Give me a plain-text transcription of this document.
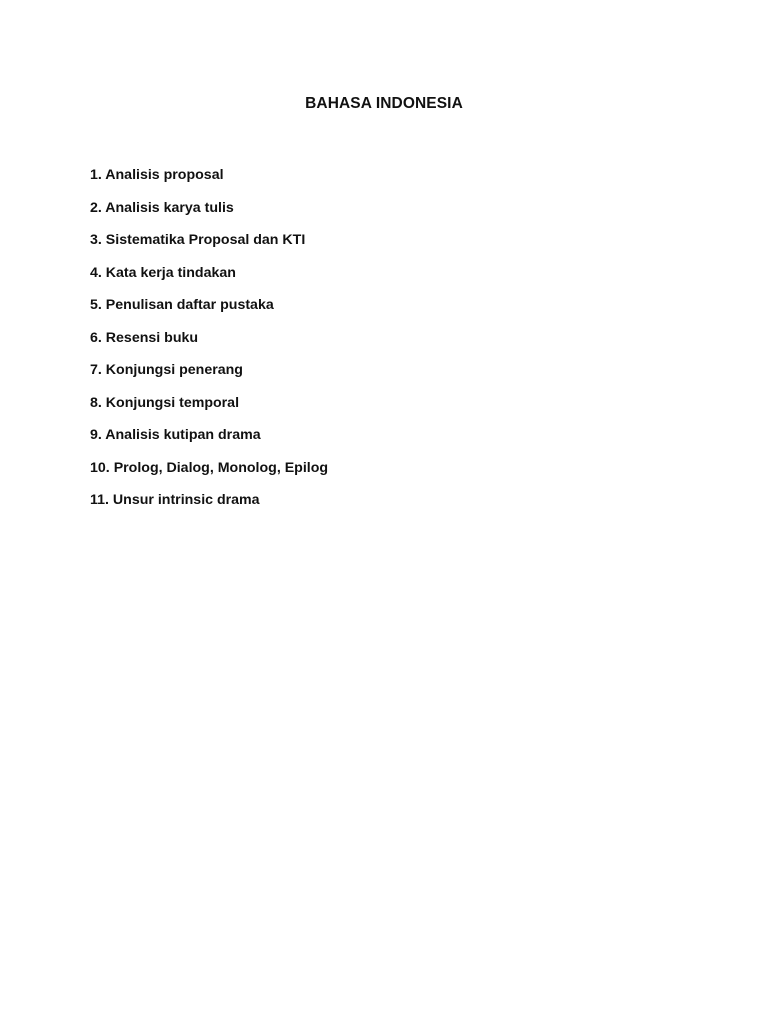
BAHASA INDONESIA
1. Analisis proposal
2. Analisis karya tulis
3. Sistematika Proposal dan KTI
4. Kata kerja tindakan
5. Penulisan daftar pustaka
6. Resensi buku
7. Konjungsi penerang
8. Konjungsi temporal
9. Analisis kutipan drama
10. Prolog, Dialog, Monolog, Epilog
11. Unsur intrinsic drama
